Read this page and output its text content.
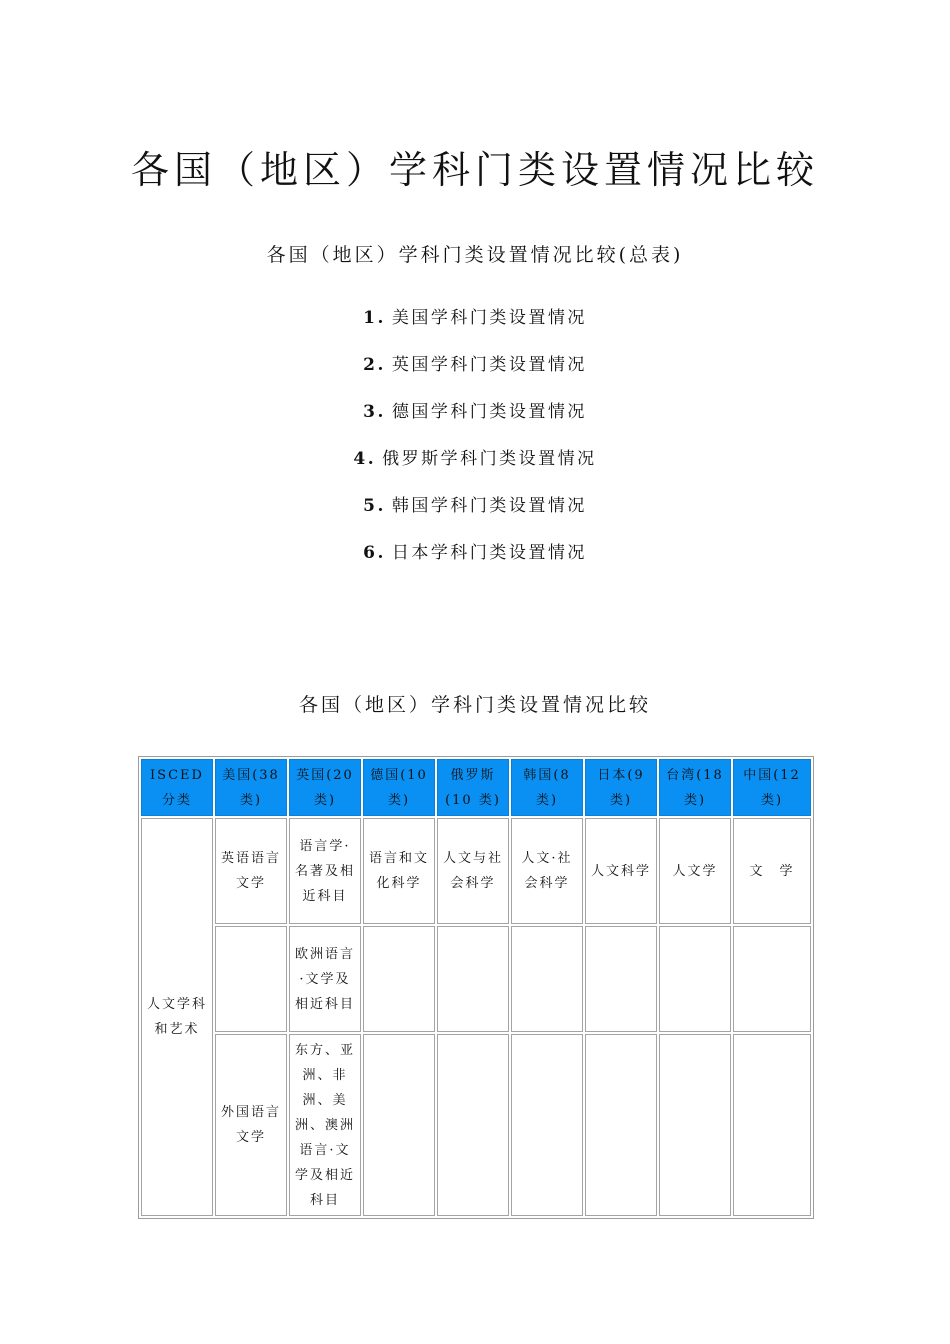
各国（地区）学科门类设置情况比较
各国（地区）学科门类设置情况比较(总表)
1. 美国学科门类设置情况
2. 英国学科门类设置情况
3. 德国学科门类设置情况
4. 俄罗斯学科门类设置情况
5. 韩国学科门类设置情况
6. 日本学科门类设置情况
各国（地区）学科门类设置情况比较
ISCED 分类	美国(38 类)	英国(20 类)	德国(10 类)	俄罗斯 (10 类)	韩国(8 类)	日本(9 类)	台湾(18 类)	中国(12 类)
人文学科和艺术	英语语言文学	语言学·名著及相近科目	语言和文化科学	人文与社会科学	人文·社会科学	人文科学	人文学	文　学
		欧洲语言·文学及相近科目						
	外国语言文学	东方、亚洲、非洲、美洲、澳洲语言·文学及相近科目						
